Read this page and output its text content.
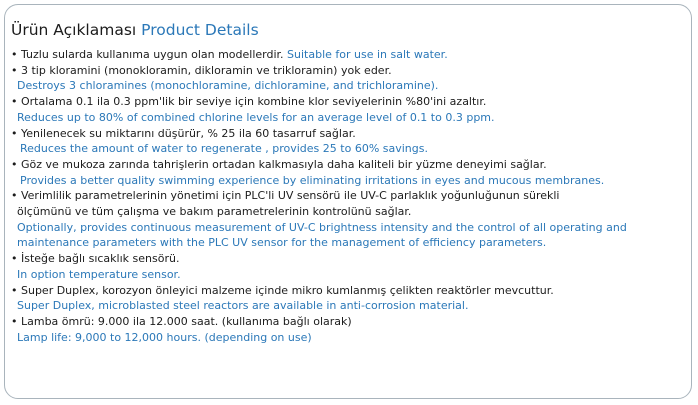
Ürün Açıklaması Product Details
• Tuzlu sularda kullanıma uygun olan modellerdir. Suitable for use in salt water.
• 3 tip kloramini (monokloramin, dikloramin ve trikloramin) yok eder.
Destroys 3 chloramines (monochloramine, dichloramine, and trichloramine).
• Ortalama 0.1 ila 0.3 ppm'lik bir seviye için kombine klor seviyelerinin %80'ini azaltır.
Reduces up to 80% of combined chlorine levels for an average level of 0.1 to 0.3 ppm.
• Yenilenecek su miktarını düşürür, % 25 ila 60 tasarruf sağlar.
Reduces the amount of water to regenerate , provides 25 to 60% savings.
• Göz ve mukoza zarında tahrişlerin ortadan kalkmasıyla daha kaliteli bir yüzme deneyimi sağlar.
Provides a better quality swimming experience by eliminating irritations in eyes and mucous membranes.
• Verimlilik parametrelerinin yönetimi için PLC'li UV sensörü ile UV-C parlaklık yoğunluğunun sürekli
ölçümünü ve tüm çalışma ve bakım parametrelerinin kontrolünü sağlar.
Optionally, provides continuous measurement of UV-C brightness intensity and the control of all operating and
maintenance parameters with the PLC UV sensor for the management of efficiency parameters.
• İsteğe bağlı sıcaklık sensörü.
In option temperature sensor.
• Super Duplex, korozyon önleyici malzeme içinde mikro kumlanmış çelikten reaktörler mevcuttur.
Super Duplex, microblasted steel reactors are available in anti-corrosion material.
• Lamba ömrü: 9.000 ila 12.000 saat. (kullanıma bağlı olarak)
Lamp life: 9,000 to 12,000 hours. (depending on use)
